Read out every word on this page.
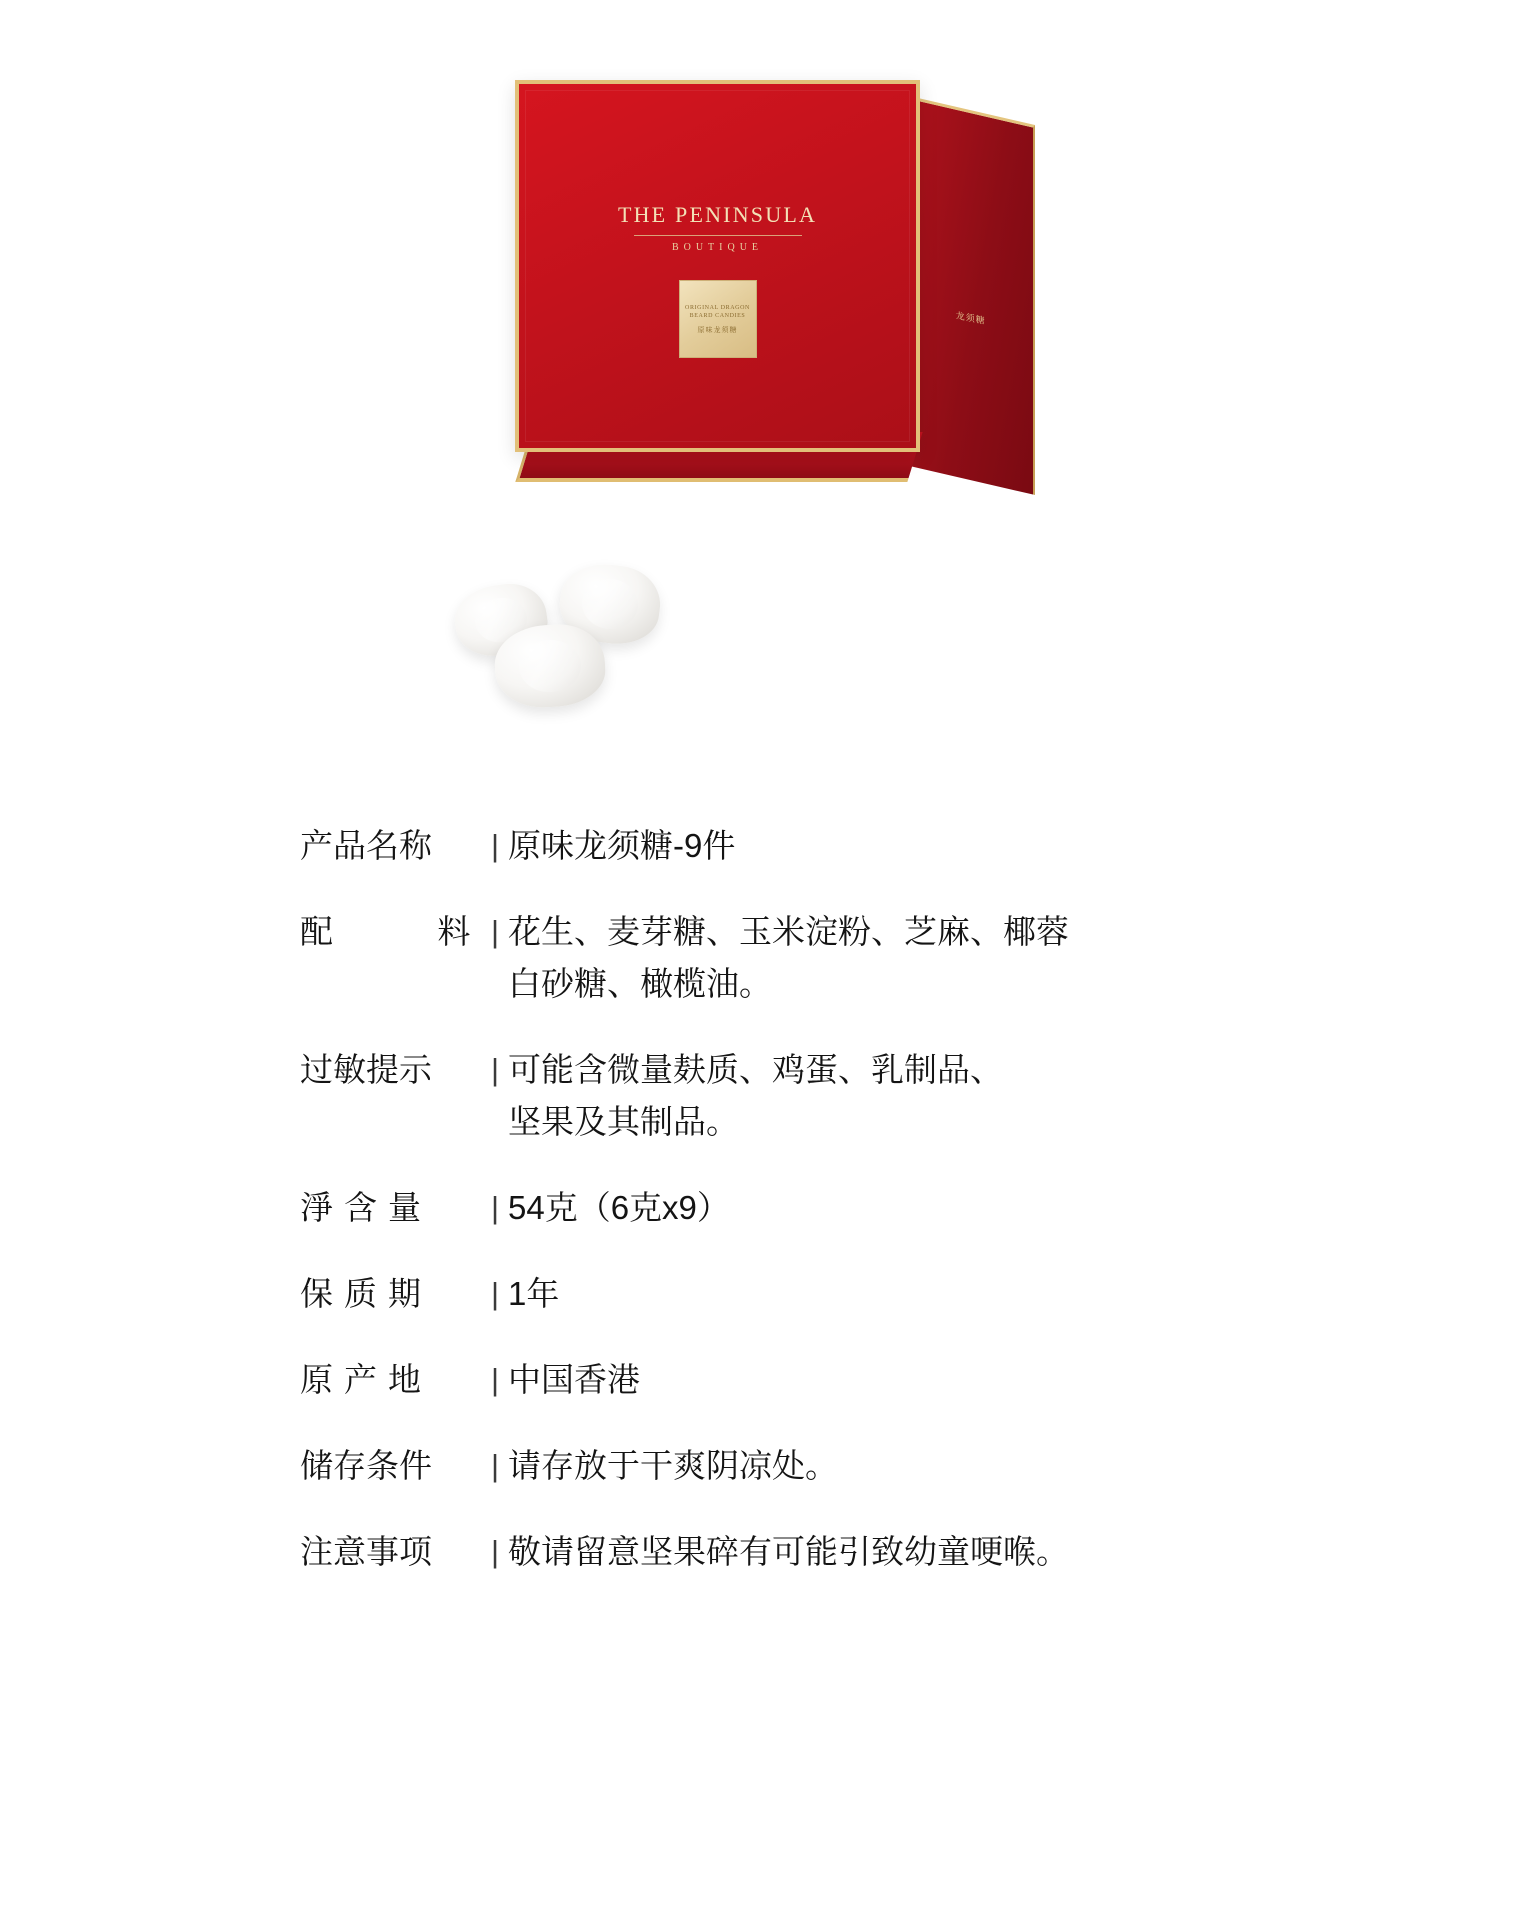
龙须糖
THE PENINSULA
BOUTIQUE
ORIGINAL DRAGON BEARD CANDIES
原味龙须糖
产品名称	| 原味龙须糖-9件
配	料 | 花生、麦芽糖、玉米淀粉、芝麻、椰蓉
白砂糖、橄榄油。
过敏提示	| 可能含微量麸质、鸡蛋、乳制品、
坚果及其制品。
淨含量	| 54克（6克x9）
保质期	| 1年
原产地	| 中国香港
储存条件	| 请存放于干爽阴凉处。
注意事项	| 敬请留意坚果碎有可能引致幼童哽喉。
